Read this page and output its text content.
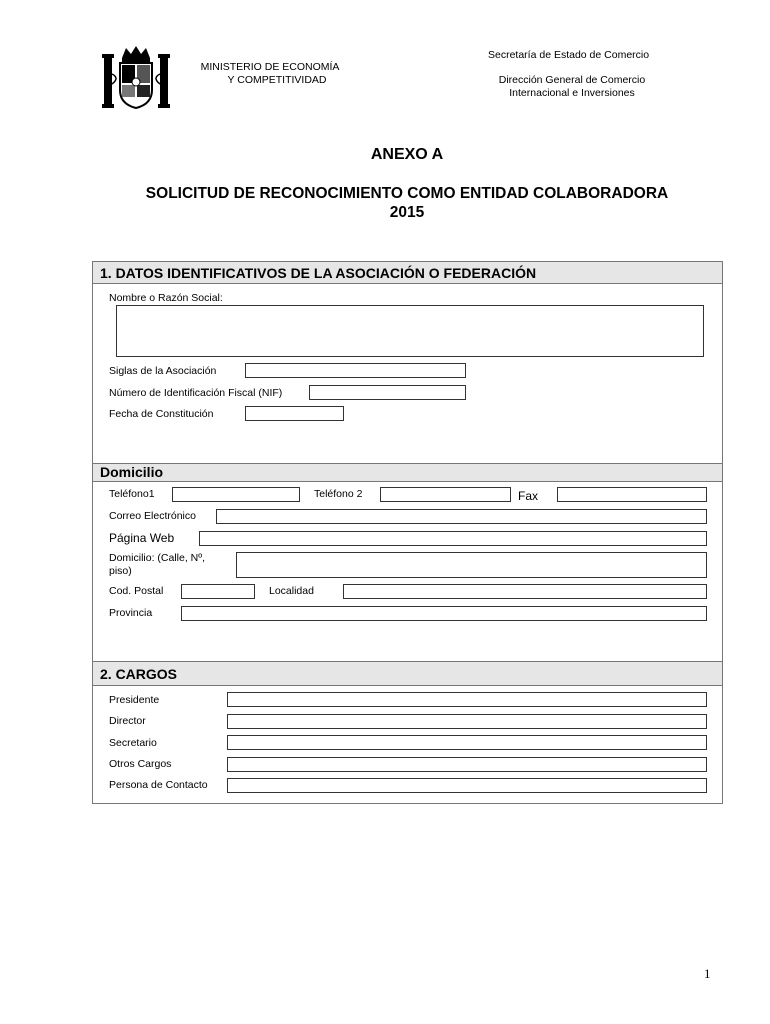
MINISTERIO DE ECONOMÍA
Y COMPETITIVIDAD
Secretaría de Estado de Comercio
Dirección General de Comercio
Internacional e Inversiones
ANEXO A
SOLICITUD DE RECONOCIMIENTO COMO ENTIDAD COLABORADORA
2015
1. DATOS IDENTIFICATIVOS DE LA ASOCIACIÓN O FEDERACIÓN
Nombre o Razón Social:
Siglas de la Asociación
Número de Identificación Fiscal (NIF)
Fecha de Constitución
Domicilio
Teléfono1	Teléfono 2	Fax
Correo Electrónico
Página Web
Domicilio: (Calle, Nº,
piso)
Cod. Postal	Localidad
Provincia
2. CARGOS
Presidente
Director
Secretario
Otros Cargos
Persona de Contacto
1
